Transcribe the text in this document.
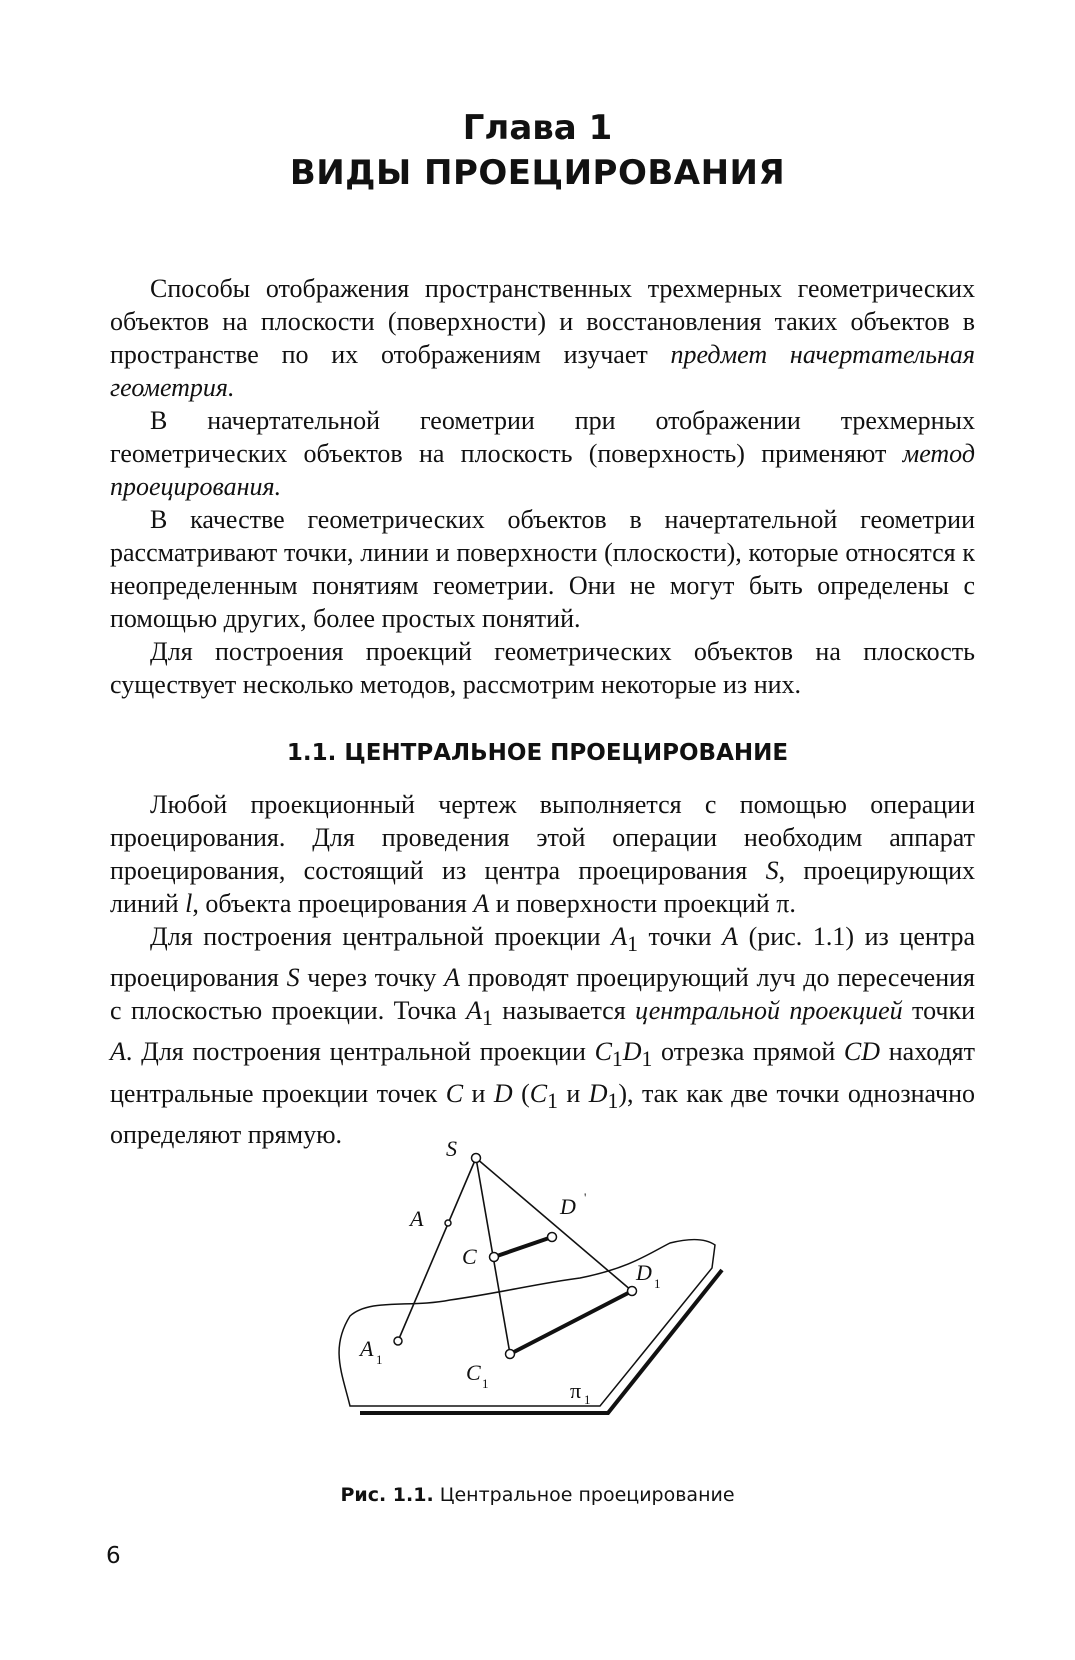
Глава 1
ВИДЫ ПРОЕЦИРОВАНИЯ

Способы отображения пространственных трехмерных геометрических объектов на плоскости (поверхности) и восстановления таких объектов в пространстве по их отображениям изучает предмет начертательная геометрия.

В начертательной геометрии при отображении трехмерных геометрических объектов на плоскость (поверхность) применяют метод проецирования.

В качестве геометрических объектов в начертательной геометрии рассматривают точки, линии и поверхности (плоскости), которые относятся к неопределенным понятиям геометрии. Они не могут быть определены с помощью других, более простых понятий.

Для построения проекций геометрических объектов на плоскость существует несколько методов, рассмотрим некоторые из них.

1.1. ЦЕНТРАЛЬНОЕ ПРОЕЦИРОВАНИЕ

Любой проекционный чертеж выполняется с помощью операции проецирования. Для проведения этой операции необходим аппарат проецирования, состоящий из центра проецирования S, проецирующих линий l, объекта проецирования A и поверхности проекций π.

Для построения центральной проекции $A_1$ точки A (рис. 1.1) из центра проецирования S через точку A проводят проецирующий луч до пересечения с плоскостью проекции. Точка $A_1$ называется центральной проекцией точки A. Для построения центральной проекции $C_1D_1$ отрезка прямой CD находят центральные проекции точек C и D ($C_1$ и $D_1$), так как две точки однозначно определяют прямую.	S
A	D '
C
D 1
A 1
C 1	π 1
Рис. 1.1. Центральное проецирование
6
